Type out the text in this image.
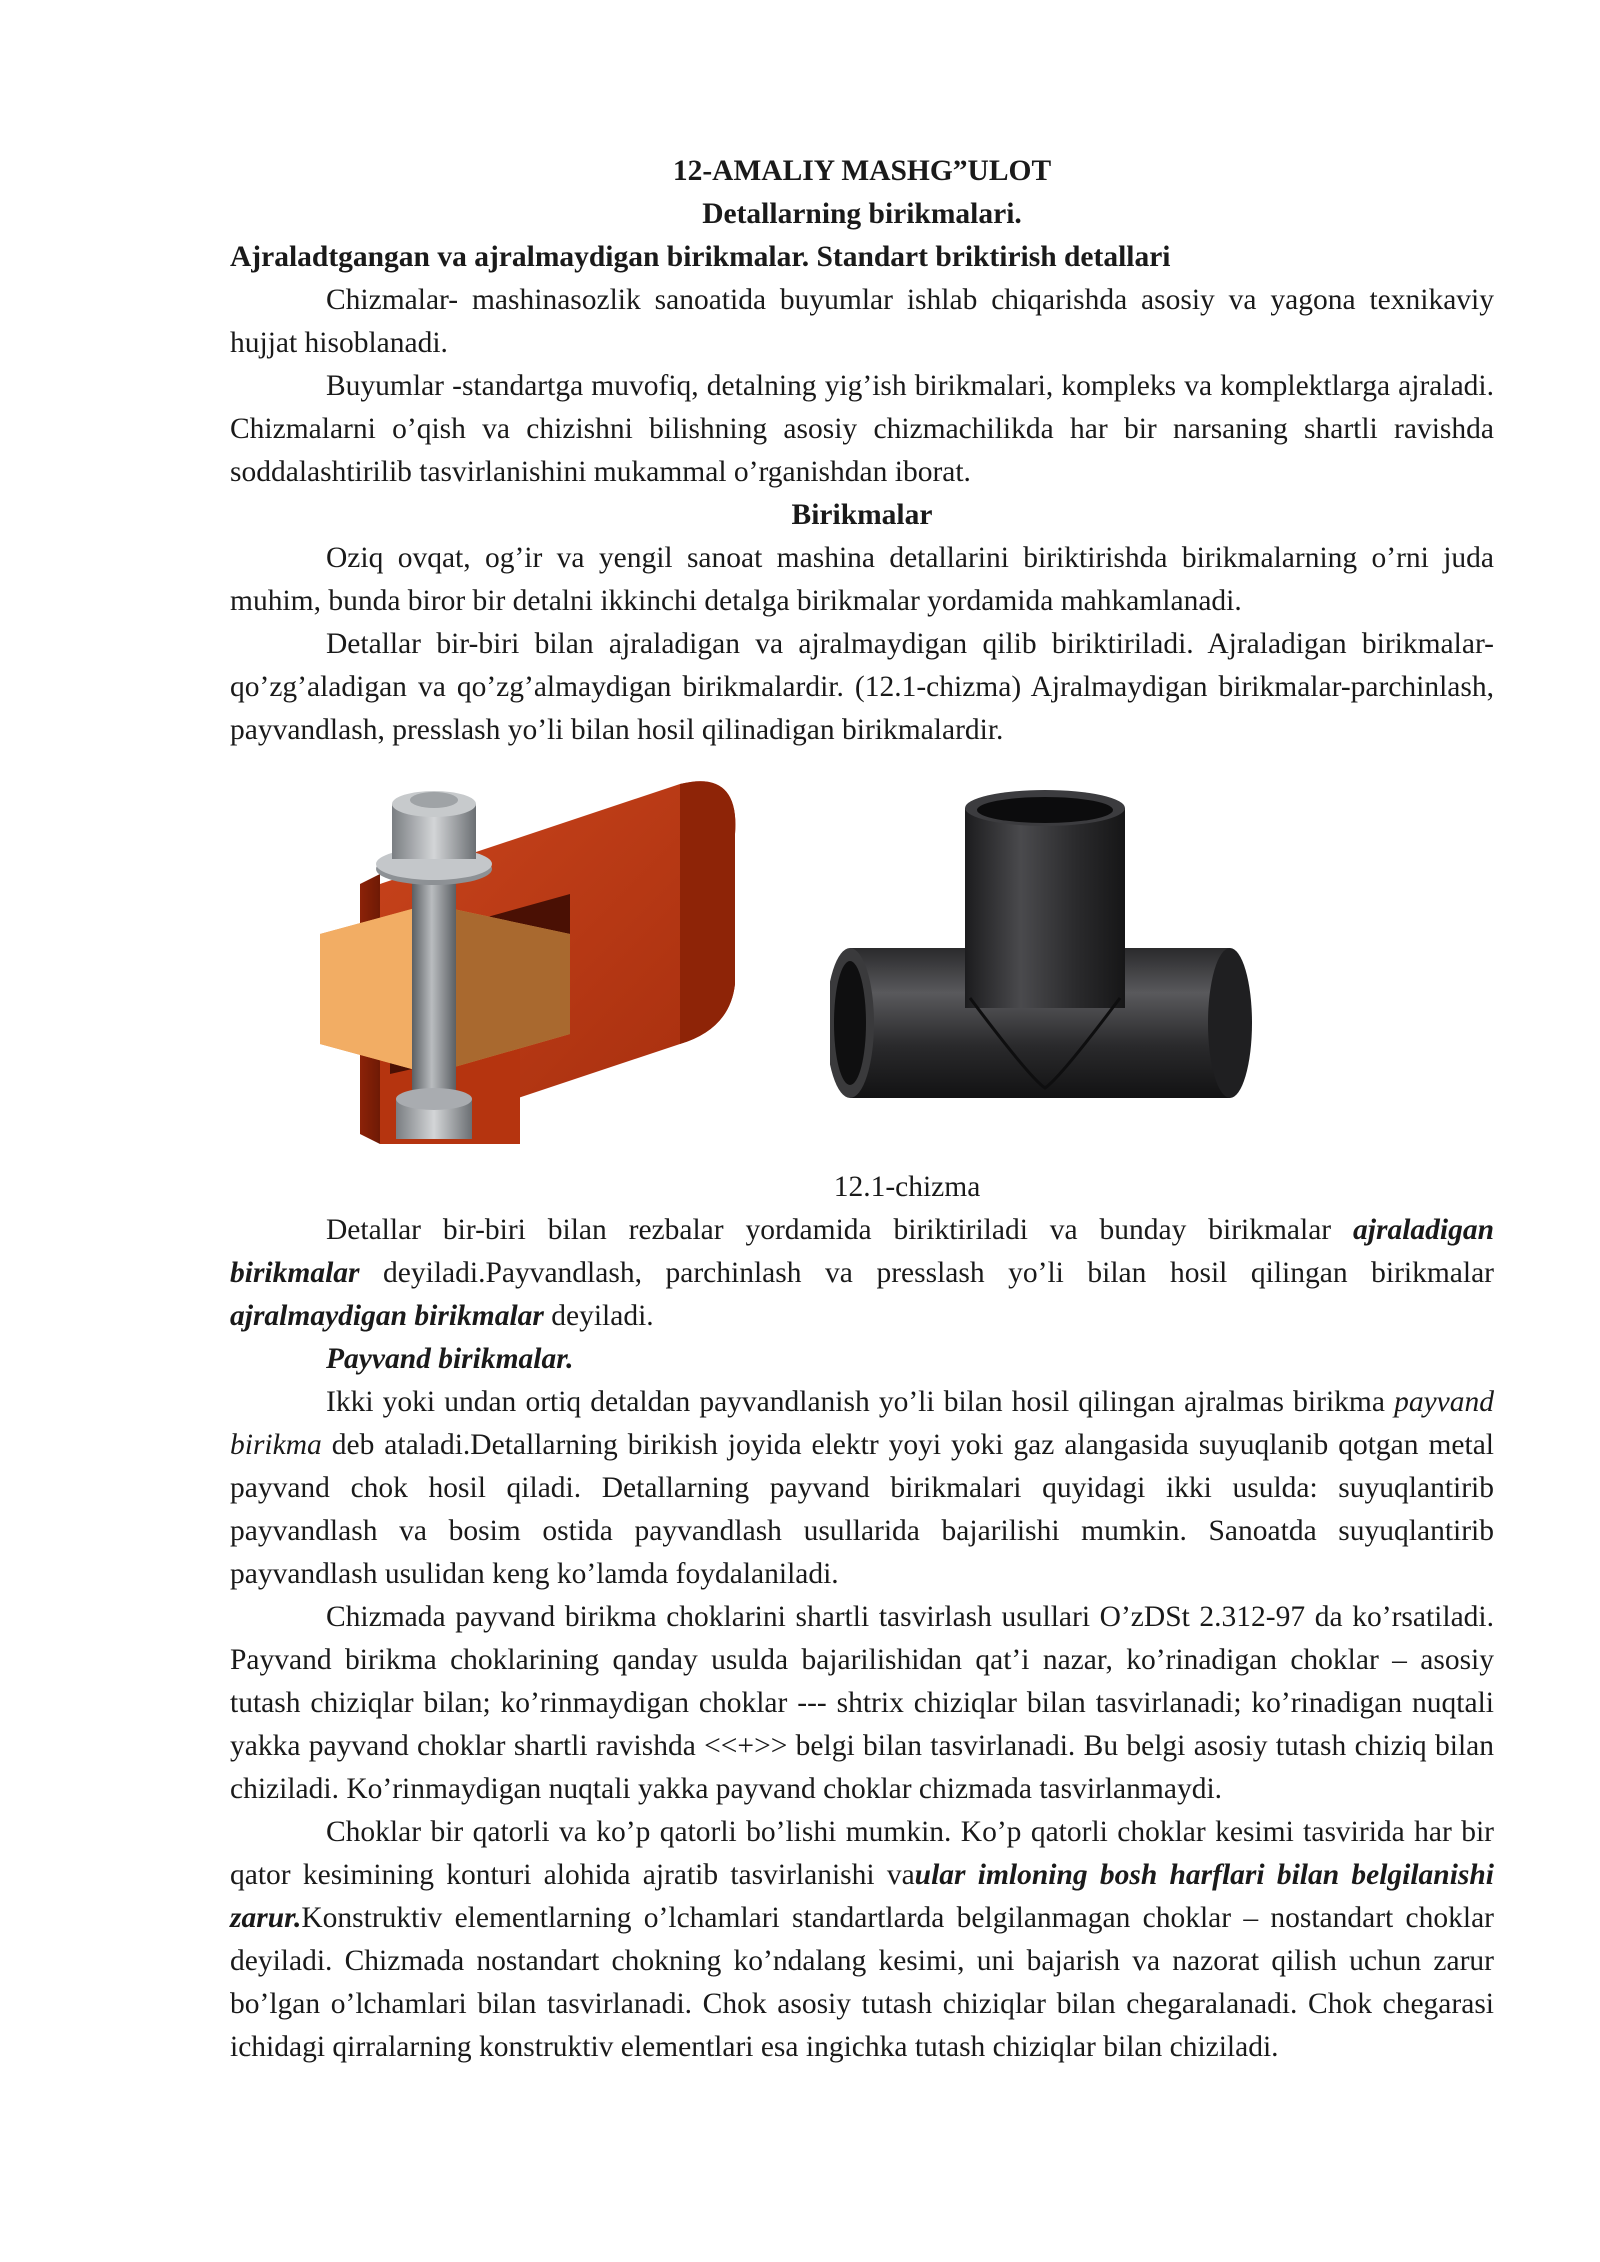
12-AMALIY MASHG”ULOT
Detallarning birikmalari.
Ajraladtgangan va ajralmaydigan birikmalar. Standart briktirish detallari

Chizmalar- mashinasozlik sanoatida buyumlar ishlab chiqarishda asosiy va yagona texnikaviy hujjat hisoblanadi.

Buyumlar -standartga muvofiq, detalning yig’ish birikmalari, kompleks va komplektlarga ajraladi. Chizmalarni o’qish va chizishni bilishning asosiy chizmachilikda har bir narsaning shartli ravishda soddalashtirilib tasvirlanishini mukammal o’rganishdan iborat.

Birikmalar

Oziq ovqat, og’ir va yengil sanoat mashina detallarini biriktirishda birikmalarning o’rni juda muhim, bunda biror bir detalni ikkinchi detalga birikmalar yordamida mahkamlanadi.

Detallar bir-biri bilan ajraladigan va ajralmaydigan qilib biriktiriladi. Ajraladigan birikmalar-qo’zg’aladigan va qo’zg’almaydigan birikmalardir. (12.1-chizma) Ajralmaydigan birikmalar-parchinlash, payvandlash, presslash yo’li bilan hosil qilinadigan birikmalardir.

12.1-chizma

Detallar bir-biri bilan rezbalar yordamida biriktiriladi va bunday birikmalar ajraladigan birikmalar deyiladi.Payvandlash, parchinlash va presslash yo’li bilan hosil qilingan birikmalar ajralmaydigan birikmalar deyiladi.

Payvand birikmalar.

Ikki yoki undan ortiq detaldan payvandlanish yo’li bilan hosil qilingan ajralmas birikma payvand birikma deb ataladi.Detallarning birikish joyida elektr yoyi yoki gaz alangasida suyuqlanib qotgan metal payvand chok hosil qiladi. Detallarning payvand birikmalari quyidagi ikki usulda: suyuqlantirib payvandlash va bosim ostida payvandlash usullarida bajarilishi mumkin. Sanoatda suyuqlantirib payvandlash usulidan keng ko’lamda foydalaniladi.

Chizmada payvand birikma choklarini shartli tasvirlash usullari O’zDSt 2.312-97 da ko’rsatiladi. Payvand birikma choklarining qanday usulda bajarilishidan qat’i nazar, ko’rinadigan choklar – asosiy tutash chiziqlar bilan; ko’rinmaydigan choklar --- shtrix chiziqlar bilan tasvirlanadi; ko’rinadigan nuqtali yakka payvand choklar shartli ravishda <<+>> belgi bilan tasvirlanadi. Bu belgi asosiy tutash chiziq bilan chiziladi. Ko’rinmaydigan nuqtali yakka payvand choklar chizmada tasvirlanmaydi.

Choklar bir qatorli va ko’p qatorli bo’lishi mumkin. Ko’p qatorli choklar kesimi tasvirida har bir qator kesimining konturi alohida ajratib tasvirlanishi vaular imloning bosh harflari bilan belgilanishi zarur.Konstruktiv elementlarning o’lchamlari standartlarda belgilanmagan choklar – nostandart choklar deyiladi. Chizmada nostandart chokning ko’ndalang kesimi, uni bajarish va nazorat qilish uchun zarur bo’lgan o’lchamlari bilan tasvirlanadi. Chok asosiy tutash chiziqlar bilan chegaralanadi. Chok chegarasi ichidagi qirralarning konstruktiv elementlari esa ingichka tutash chiziqlar bilan chiziladi.
